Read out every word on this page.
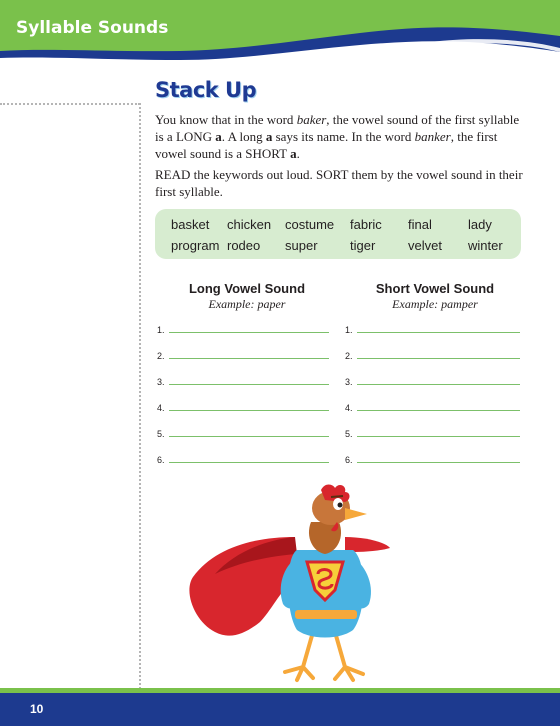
Syllable Sounds
Stack Up
You know that in the word baker, the vowel sound of the first syllable is a LONG a. A long a says its name. In the word banker, the first vowel sound is a SHORT a.
READ the keywords out loud. SORT them by the vowel sound in their first syllable.
basket chicken costume fabric final	lady
program rodeo super tiger	velvet winter
Long Vowel Sound
Example: paper
Short Vowel Sound
Example: pamper
1.
2.
3.
4.
5.
6.
1.
2.
3.
4.
5.
6.
10
